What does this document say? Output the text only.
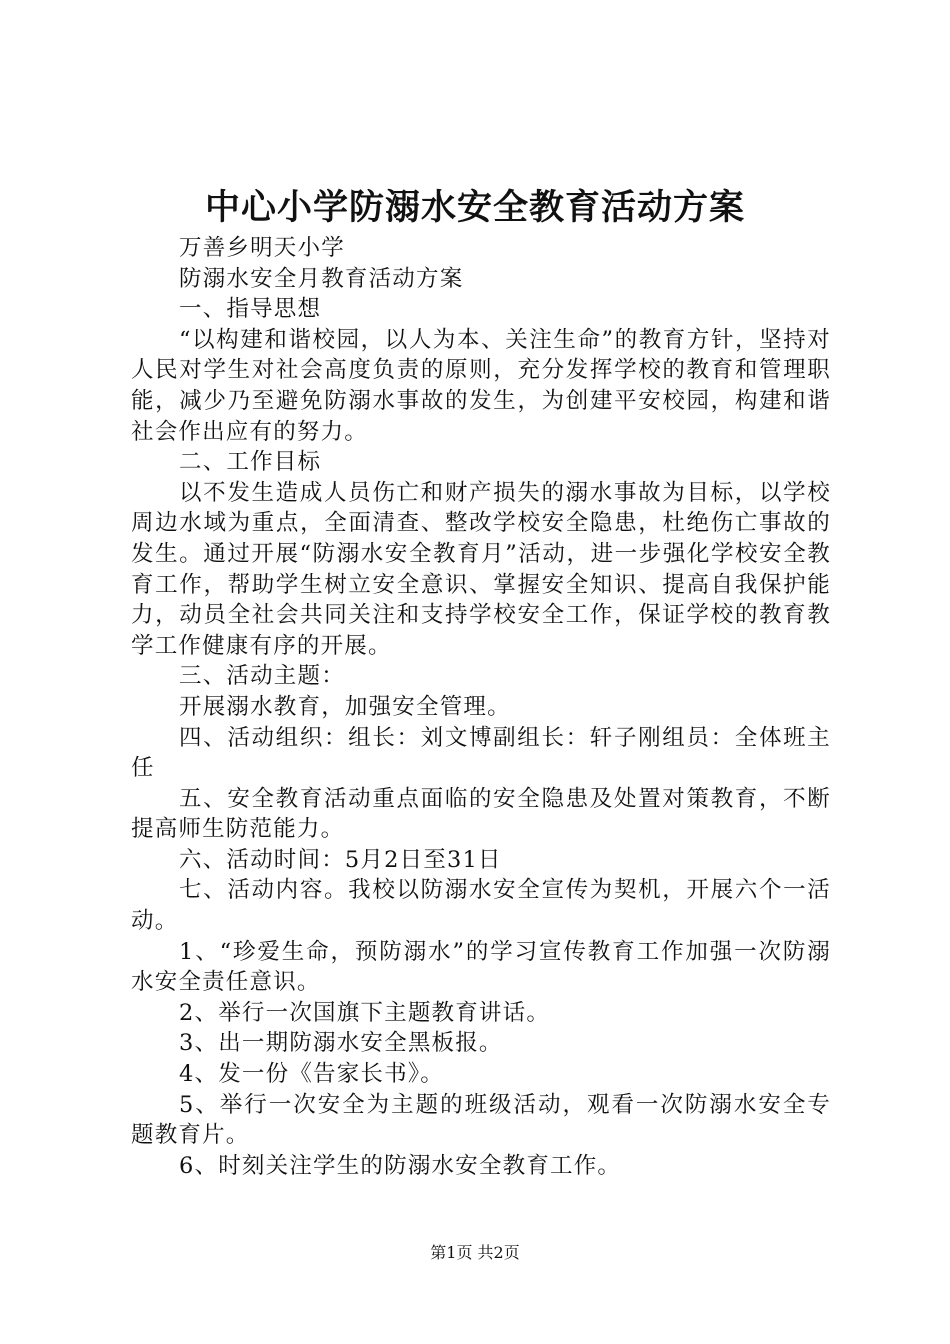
中心小学防溺水安全教育活动方案

万善乡明天小学

防溺水安全月教育活动方案

一、指导思想

“以构建和谐校园，以人为本、关注生命”的教育方针，坚持对人民对学生对社会高度负责的原则，充分发挥学校的教育和管理职能，减少乃至避免防溺水事故的发生，为创建平安校园，构建和谐社会作出应有的努力。

二、工作目标

以不发生造成人员伤亡和财产损失的溺水事故为目标，以学校周边水域为重点，全面清查、整改学校安全隐患，杜绝伤亡事故的发生。通过开展“防溺水安全教育月”活动，进一步强化学校安全教育工作，帮助学生树立安全意识、掌握安全知识、提高自我保护能力，动员全社会共同关注和支持学校安全工作，保证学校的教育教学工作健康有序的开展。

三、活动主题：

开展溺水教育，加强安全管理。

四、活动组织：组长：刘文博副组长：轩子刚组员：全体班主任

五、安全教育活动重点面临的安全隐患及处置对策教育，不断提高师生防范能力。

六、活动时间：5月2日至31日

七、活动内容。我校以防溺水安全宣传为契机，开展六个一活动。

1、“珍爱生命，预防溺水”的学习宣传教育工作加强一次防溺水安全责任意识。

2、举行一次国旗下主题教育讲话。

3、出一期防溺水安全黑板报。

4、发一份《告家长书》。

5、举行一次安全为主题的班级活动，观看一次防溺水安全专题教育片。

6、时刻关注学生的防溺水安全教育工作。

第1页 共2页
